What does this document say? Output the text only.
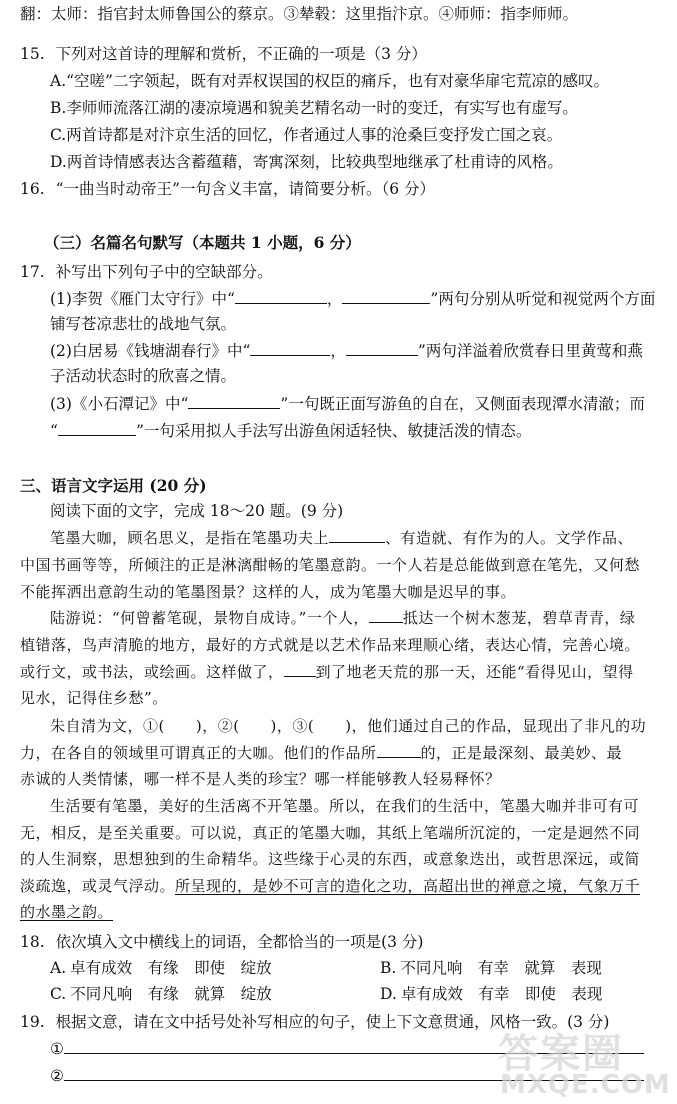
翻：太师：指官封太师鲁国公的蔡京。③辇毂：这里指汴京。④师师：指李师师。
15. 下列对这首诗的理解和赏析，不正确的一项是（3 分）
A.“空嗟”二字领起，既有对弄权误国的权臣的痛斥，也有对豪华扉宅荒凉的感叹。
B.李师师流落江湖的凄凉境遇和貌美艺精名动一时的变迁，有实写也有虚写。
C.两首诗都是对汴京生活的回忆，作者通过人事的沧桑巨变抒发亡国之哀。
D.两首诗情感表达含蓄蕴藉，寄寓深刻，比较典型地继承了杜甫诗的风格。
16. “一曲当时动帝王”一句含义丰富，请简要分析。（6 分）
（三）名篇名句默写（本题共 1 小题，6 分）
17. 补写出下列句子中的空缺部分。
(1)李贺《雁门太守行》中“	，	”两句分别从听觉和视觉两个方面
铺写苍凉悲壮的战地气氛。
(2)白居易《钱塘湖春行》中“	，	”两句洋溢着欣赏春日里黄莺和燕
子活动状态时的欣喜之情。
(3)《小石潭记》中“	”一句既正面写游鱼的自在，又侧面表现潭水清澈；而
“	”一句采用拟人手法写出游鱼闲适轻快、敏捷活泼的情态。
三、语言文字运用 (20 分)
阅读下面的文字，完成 18～20 题。(9 分)
笔墨大咖，顾名思义，是指在笔墨功夫上	、有造就、有作为的人。文学作品、
中国书画等等，所倾注的正是淋漓酣畅的笔墨意韵。一个人若是总能做到意在笔先，又何愁
不能挥洒出意韵生动的笔墨图景？这样的人，成为笔墨大咖是迟早的事。
陆游说：“何曾蓄笔砚，景物自成诗。”一个人， 抵达一个树木葱茏，碧草青青，绿
植错落，鸟声清脆的地方，最好的方式就是以艺术作品来理顺心绪，表达心情，完善心境。
或行文，或书法，或绘画。这样做了， 到了地老天荒的那一天，还能“看得见山，望得
见水，记得住乡愁”。
朱自清为文，①(　　)，②(　　)，③(　　)，他们通过自己的作品，显现出了非凡的功
力，在各自的领域里可谓真正的大咖。他们的作品所	的，正是最深刻、最美妙、最
赤诚的人类情愫，哪一样不是人类的珍宝？哪一样能够教人轻易释怀？
生活要有笔墨，美好的生活离不开笔墨。所以，在我们的生活中，笔墨大咖并非可有可
无，相反，是至关重要。可以说，真正的笔墨大咖，其纸上笔端所沉淀的，一定是迥然不同
的人生洞察，思想独到的生命精华。这些缘于心灵的东西，或意象迭出，或哲思深远，或简
淡疏逸，或灵气浮动。所呈现的，是妙不可言的造化之功，高超出世的禅意之境，气象万千
的水墨之韵。
18. 依次填入文中横线上的词语，全都恰当的一项是(3 分)
A. 卓有成效　有缘　即使　绽放	B. 不同凡响　有幸　就算　表现
C. 不同凡响　有缘　就算　绽放	D. 卓有成效　有幸　即使　表现
19. 根据文意，请在文中括号处补写相应的句子，使上下文意贯通，风格一致。(3 分)
①
②	答案圈
MXQE.COM
